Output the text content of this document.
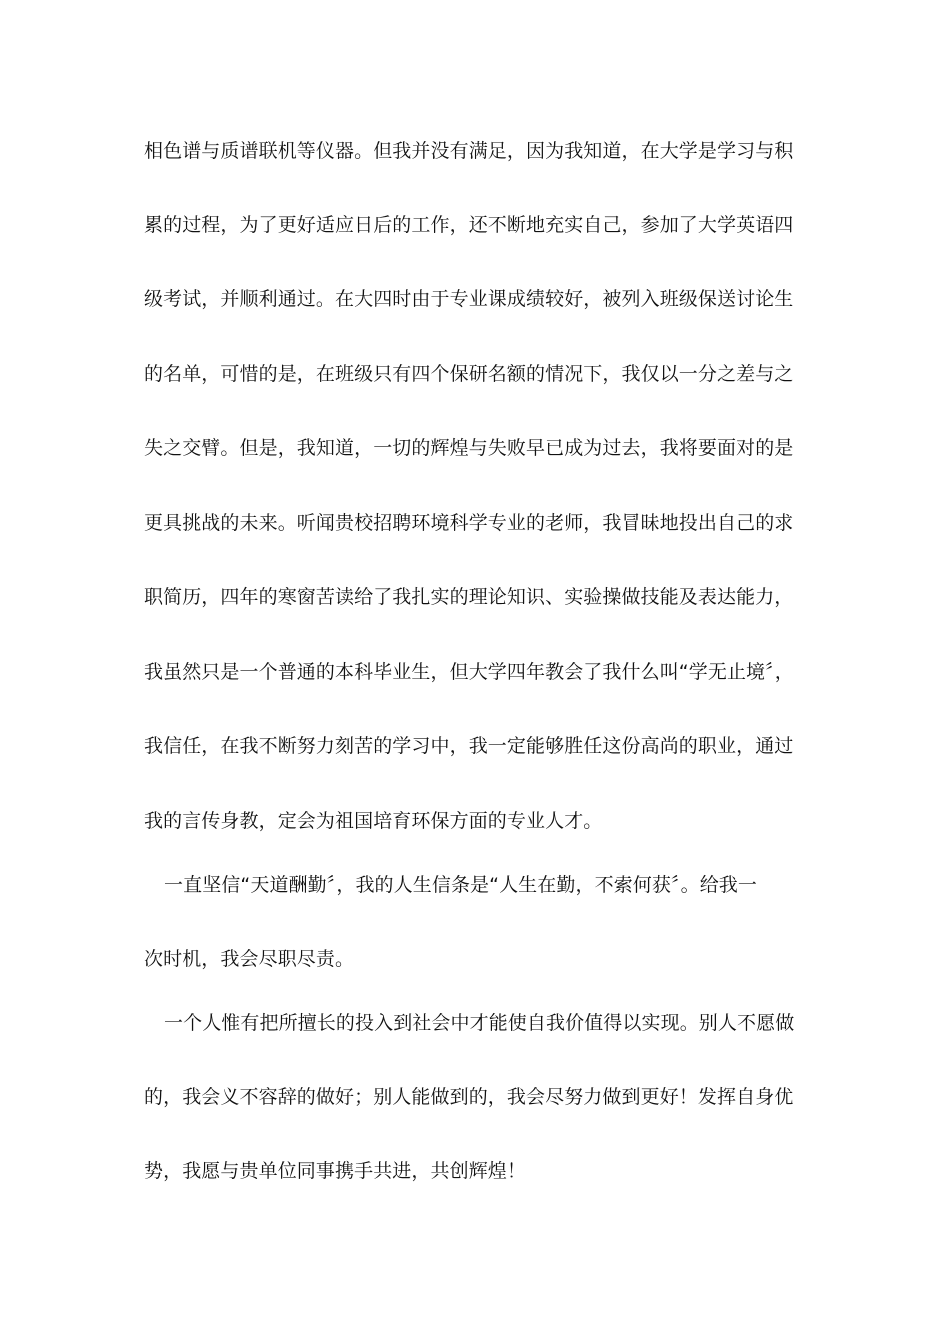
相色谱与质谱联机等仪器。但我并没有满足，因为我知道，在大学是学习与积
累的过程，为了更好适应日后的工作，还不断地充实自己，参加了大学英语四
级考试，并顺利通过。在大四时由于专业课成绩较好，被列入班级保送讨论生
的名单，可惜的是，在班级只有四个保研名额的情况下，我仅以一分之差与之
失之交臂。但是，我知道，一切的辉煌与失败早已成为过去，我将要面对的是
更具挑战的未来。听闻贵校招聘环境科学专业的老师，我冒昧地投出自己的求
职简历，四年的寒窗苦读给了我扎实的理论知识、实验操做技能及表达能力，
我虽然只是一个普通的本科毕业生，但大学四年教会了我什么叫“学无止境〞，
我信任，在我不断努力刻苦的学习中，我一定能够胜任这份高尚的职业，通过
我的言传身教，定会为祖国培育环保方面的专业人才。
一直坚信“天道酬勤〞，我的人生信条是“人生在勤，不索何获〞。给我一
次时机，我会尽职尽责。
一个人惟有把所擅长的投入到社会中才能使自我价值得以实现。别人不愿做
的，我会义不容辞的做好；别人能做到的，我会尽努力做到更好！发挥自身优
势，我愿与贵单位同事携手共进，共创辉煌！
